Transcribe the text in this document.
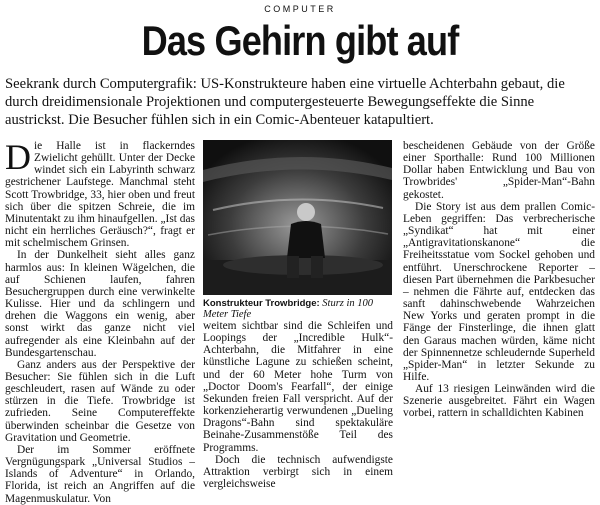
COMPUTER
Das Gehirn gibt auf
Seekrank durch Computergrafik: US-Konstrukteure haben eine virtuelle Achterbahn gebaut, die durch dreidimensionale Projektionen und computergesteuerte Bewegungseffekte die Sinne austrickst. Die Besucher fühlen sich in ein Comic-Abenteuer katapultiert.

Die Halle ist in flackerndes Zwielicht gehüllt. Unter der Decke windet sich ein Labyrinth schwarz gestrichener Laufstege. Manchmal steht Scott Trowbridge, 33, hier oben und freut sich über die spitzen Schreie, die im Minutentakt zu ihm hinaufgellen. „Ist das nicht ein herrliches Geräusch?“, fragt er mit schelmischem Grinsen.

In der Dunkelheit sieht alles ganz harmlos aus: In kleinen Wägelchen, die auf Schienen laufen, fahren Besuchergruppen durch eine verwinkelte Kulisse. Hier und da schlingern und drehen die Waggons ein wenig, aber sonst wirkt das ganze nicht viel aufregender als eine Kleinbahn auf der Bundesgartenschau.

Ganz anders aus der Perspektive der Besucher: Sie fühlen sich in die Luft geschleudert, rasen auf Wände zu oder stürzen in die Tiefe. Trowbridge ist zufrieden. Seine Computereffekte überwinden scheinbar die Gesetze von Gravitation und Geometrie.

Der im Sommer eröffnete Vergnügungspark „Universal Studios – Islands of Adventure“ in Orlando, Florida, ist reich an Angriffen auf die Magenmuskulatur. Von

Konstrukteur Trowbridge: Sturz in 100 Meter Tiefe

weitem sichtbar sind die Schleifen und Loopings der „Incredible Hulk“-Achterbahn, die Mitfahrer in eine künstliche Lagune zu schießen scheint, und der 60 Meter hohe Turm von „Doctor Doom's Fearfall“, der einige Sekunden freien Fall verspricht. Auf der korkenzieherartig verwundenen „Dueling Dragons“-Bahn sind spektakuläre Beinahe-Zusammenstöße Teil des Programms.

Doch die technisch aufwendigste Attraktion verbirgt sich in einem vergleichsweise

bescheidenen Gebäude von der Größe einer Sporthalle: Rund 100 Millionen Dollar haben Entwicklung und Bau von Trowbrides' „Spider-Man“-Bahn gekostet.

Die Story ist aus dem prallen Comic-Leben gegriffen: Das verbrecherische „Syndikat“ hat mit einer „Antigravitationskanone“ die Freiheitsstatue vom Sockel gehoben und entführt. Unerschrockene Reporter – diesen Part übernehmen die Parkbesucher – nehmen die Fährte auf, entdecken das sanft dahinschwebende Wahrzeichen New Yorks und geraten prompt in die Fänge der Finsterlinge, die ihnen glatt den Garaus machen würden, käme nicht der Spinnennetze schleudernde Superheld „Spider-Man“ in letzter Sekunde zu Hilfe.

Auf 13 riesigen Leinwänden wird die Szenerie ausgebreitet. Fährt ein Wagen vorbei, rattern in schalldichten Kabinen
